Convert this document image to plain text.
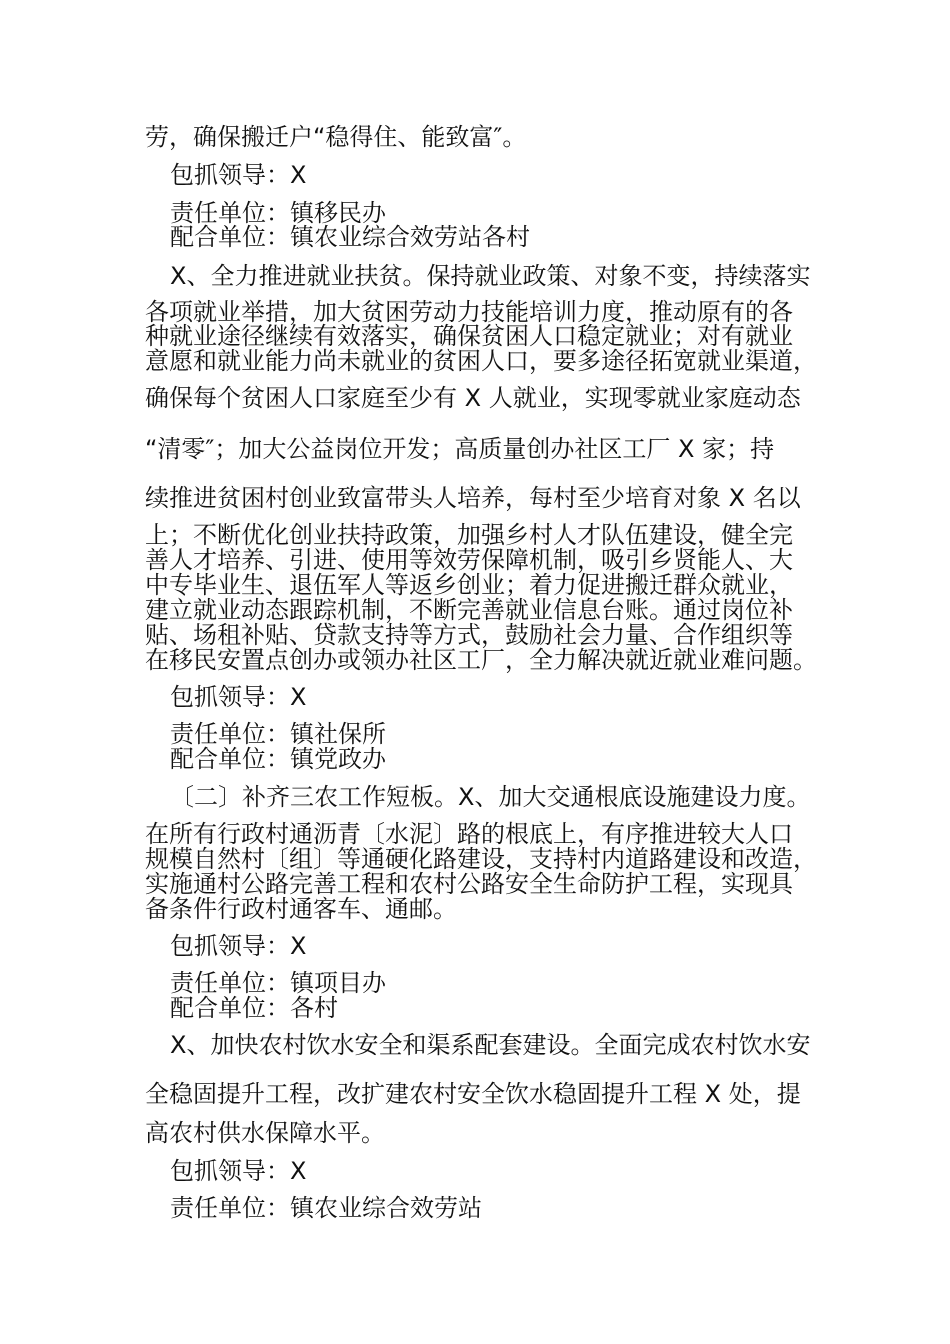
劳，确保搬迁户“稳得住、能致富″。

包抓领导：X

责任单位：镇移民办

配合单位：镇农业综合效劳站各村

X、全力推进就业扶贫。保持就业政策、对象不变，持续落实

各项就业举措，加大贫困劳动力技能培训力度，推动原有的各

种就业途径继续有效落实，确保贫困人口稳定就业；对有就业

意愿和就业能力尚未就业的贫困人口，要多途径拓宽就业渠道，

确保每个贫困人口家庭至少有 X 人就业，实现零就业家庭动态

“清零″；加大公益岗位开发；高质量创办社区工厂 X 家；持

续推进贫困村创业致富带头人培养，每村至少培育对象 X 名以

上；不断优化创业扶持政策，加强乡村人才队伍建设，健全完

善人才培养、引进、使用等效劳保障机制，吸引乡贤能人、大

中专毕业生、退伍军人等返乡创业；着力促进搬迁群众就业，

建立就业动态跟踪机制，不断完善就业信息台账。通过岗位补

贴、场租补贴、贷款支持等方式，鼓励社会力量、合作组织等

在移民安置点创办或领办社区工厂，全力解决就近就业难问题。

包抓领导：X

责任单位：镇社保所

配合单位：镇党政办

〔二〕补齐三农工作短板。X、加大交通根底设施建设力度。

在所有行政村通沥青〔水泥〕路的根底上，有序推进较大人口

规模自然村〔组〕等通硬化路建设，支持村内道路建设和改造，

实施通村公路完善工程和农村公路安全生命防护工程，实现具

备条件行政村通客车、通邮。

包抓领导：X

责任单位：镇项目办

配合单位：各村

X、加快农村饮水安全和渠系配套建设。全面完成农村饮水安

全稳固提升工程，改扩建农村安全饮水稳固提升工程 X 处，提

高农村供水保障水平。

包抓领导：X

责任单位：镇农业综合效劳站
